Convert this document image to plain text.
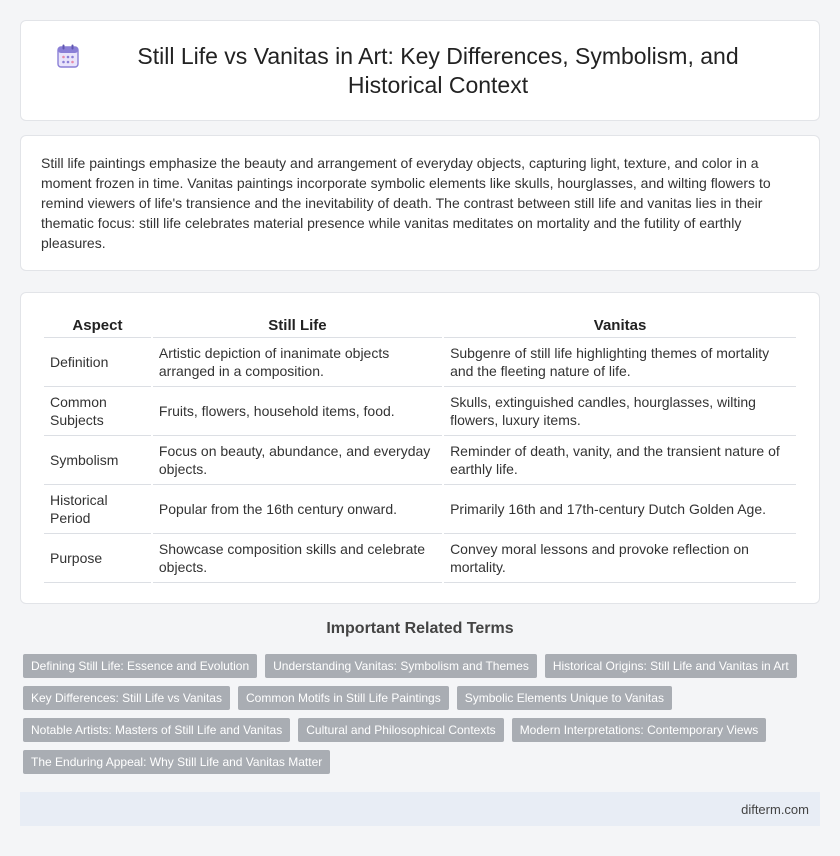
Still Life vs Vanitas in Art: Key Differences, Symbolism, and Historical Context

Still life paintings emphasize the beauty and arrangement of everyday objects, capturing light, texture, and color in a moment frozen in time. Vanitas paintings incorporate symbolic elements like skulls, hourglasses, and wilting flowers to remind viewers of life's transience and the inevitability of death. The contrast between still life and vanitas lies in their thematic focus: still life celebrates material presence while vanitas meditates on mortality and the futility of earthly pleasures.

Aspect	Still Life	Vanitas
Definition	Artistic depiction of inanimate objects arranged in a composition.	Subgenre of still life highlighting themes of mortality and the fleeting nature of life.
Common Subjects	Fruits, flowers, household items, food.	Skulls, extinguished candles, hourglasses, wilting flowers, luxury items.
Symbolism	Focus on beauty, abundance, and everyday objects.	Reminder of death, vanity, and the transient nature of earthly life.
Historical Period	Popular from the 16th century onward.	Primarily 16th and 17th-century Dutch Golden Age.
Purpose	Showcase composition skills and celebrate objects.	Convey moral lessons and provoke reflection on mortality.
Important Related Terms
Defining Still Life: Essence and Evolution	Understanding Vanitas: Symbolism and Themes	Historical Origins: Still Life and Vanitas in Art
Key Differences: Still Life vs Vanitas	Common Motifs in Still Life Paintings	Symbolic Elements Unique to Vanitas
Notable Artists: Masters of Still Life and Vanitas	Cultural and Philosophical Contexts	Modern Interpretations: Contemporary Views
The Enduring Appeal: Why Still Life and Vanitas Matter
difterm.com
